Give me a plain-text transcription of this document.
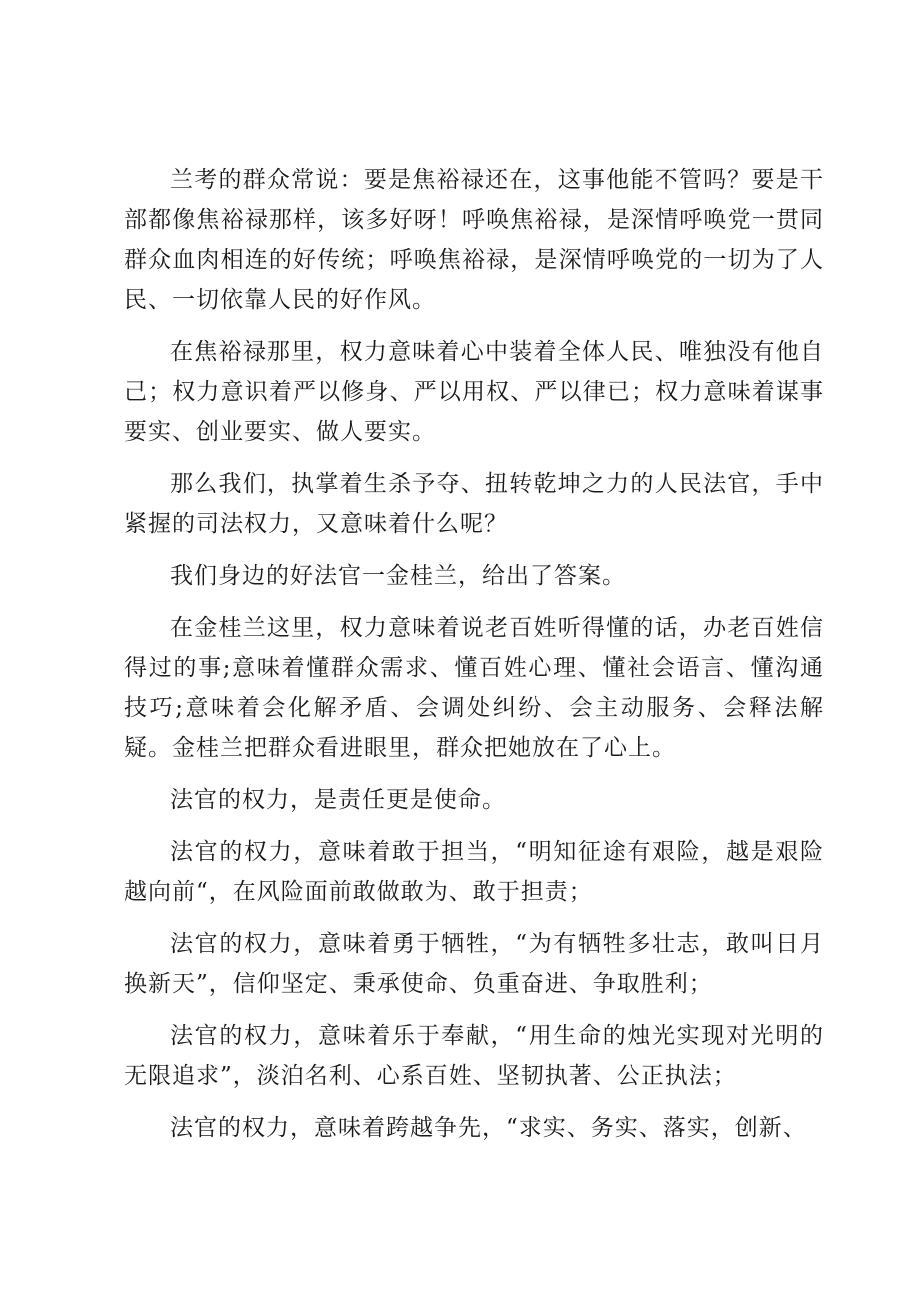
兰考的群众常说：要是焦裕禄还在，这事他能不管吗？要是干部都像焦裕禄那样，该多好呀！呼唤焦裕禄，是深情呼唤党一贯同群众血肉相连的好传统；呼唤焦裕禄，是深情呼唤党的一切为了人民、一切依靠人民的好作风。

在焦裕禄那里，权力意味着心中装着全体人民、唯独没有他自己；权力意识着严以修身、严以用权、严以律已；权力意味着谋事要实、创业要实、做人要实。

那么我们，执掌着生杀予夺、扭转乾坤之力的人民法官，手中紧握的司法权力，又意味着什么呢？

我们身边的好法官一金桂兰，给出了答案。

在金桂兰这里，权力意味着说老百姓听得懂的话，办老百姓信得过的事;意味着懂群众需求、懂百姓心理、懂社会语言、懂沟通技巧;意味着会化解矛盾、会调处纠纷、会主动服务、会释法解疑。金桂兰把群众看进眼里，群众把她放在了心上。

法官的权力，是责任更是使命。

法官的权力，意味着敢于担当，“明知征途有艰险，越是艰险越向前“，在风险面前敢做敢为、敢于担责；

法官的权力，意味着勇于牺牲，“为有牺牲多壮志，敢叫日月换新天”，信仰坚定、秉承使命、负重奋进、争取胜利；

法官的权力，意味着乐于奉献，“用生命的烛光实现对光明的无限追求”，淡泊名利、心系百姓、坚韧执著、公正执法；

法官的权力，意味着跨越争先，“求实、务实、落实，创新、
